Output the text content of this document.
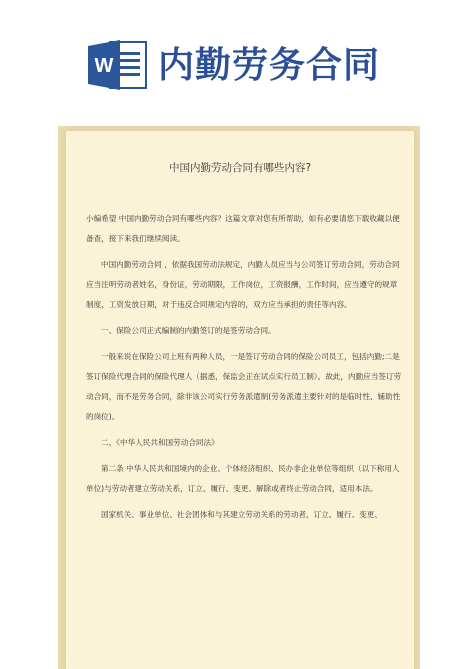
W 内勤劳务合同
中国内勤劳动合同有哪些内容?

小编希望 中国内勤劳动合同有哪些内容？这篇文章对您有所帮助，如有必要请您下载收藏以便备查，接下来我们继续阅读。

中国内勤劳动合同 ，依据我国劳动法规定，内勤人员应当与公司签订劳动合同，劳动合同应当注明劳动者姓名，身份证，劳动期限，工作岗位，工资报酬，工作时间，应当遵守的规章制度，工资发放日期，对于违反合同规定内容的，双方应当承担的责任等内容。

一、保险公司正式编制的内勤签订的是签劳动合同。

一般来说在保险公司上班有两种人员，一是签订劳动合同的保险公司员工，包括内勤;二是签订保险代理合同的保险代理人（据悉，保监会正在试点实行员工制）。故此，内勤应当签订劳动合同，而不是劳务合同，除非该公司实行劳务派遣制(劳务派遣主要针对的是临时性、辅助性的岗位)。

二、《中华人民共和国劳动合同法》

第二条 中华人民共和国境内的企业、个体经济组织、民办非企业单位等组织（以下称用人单位)与劳动者建立劳动关系，订立、履行、变更、解除或者终止劳动合同，适用本法。

国家机关、事业单位、社会团体和与其建立劳动关系的劳动者，订立、履行、变更、
